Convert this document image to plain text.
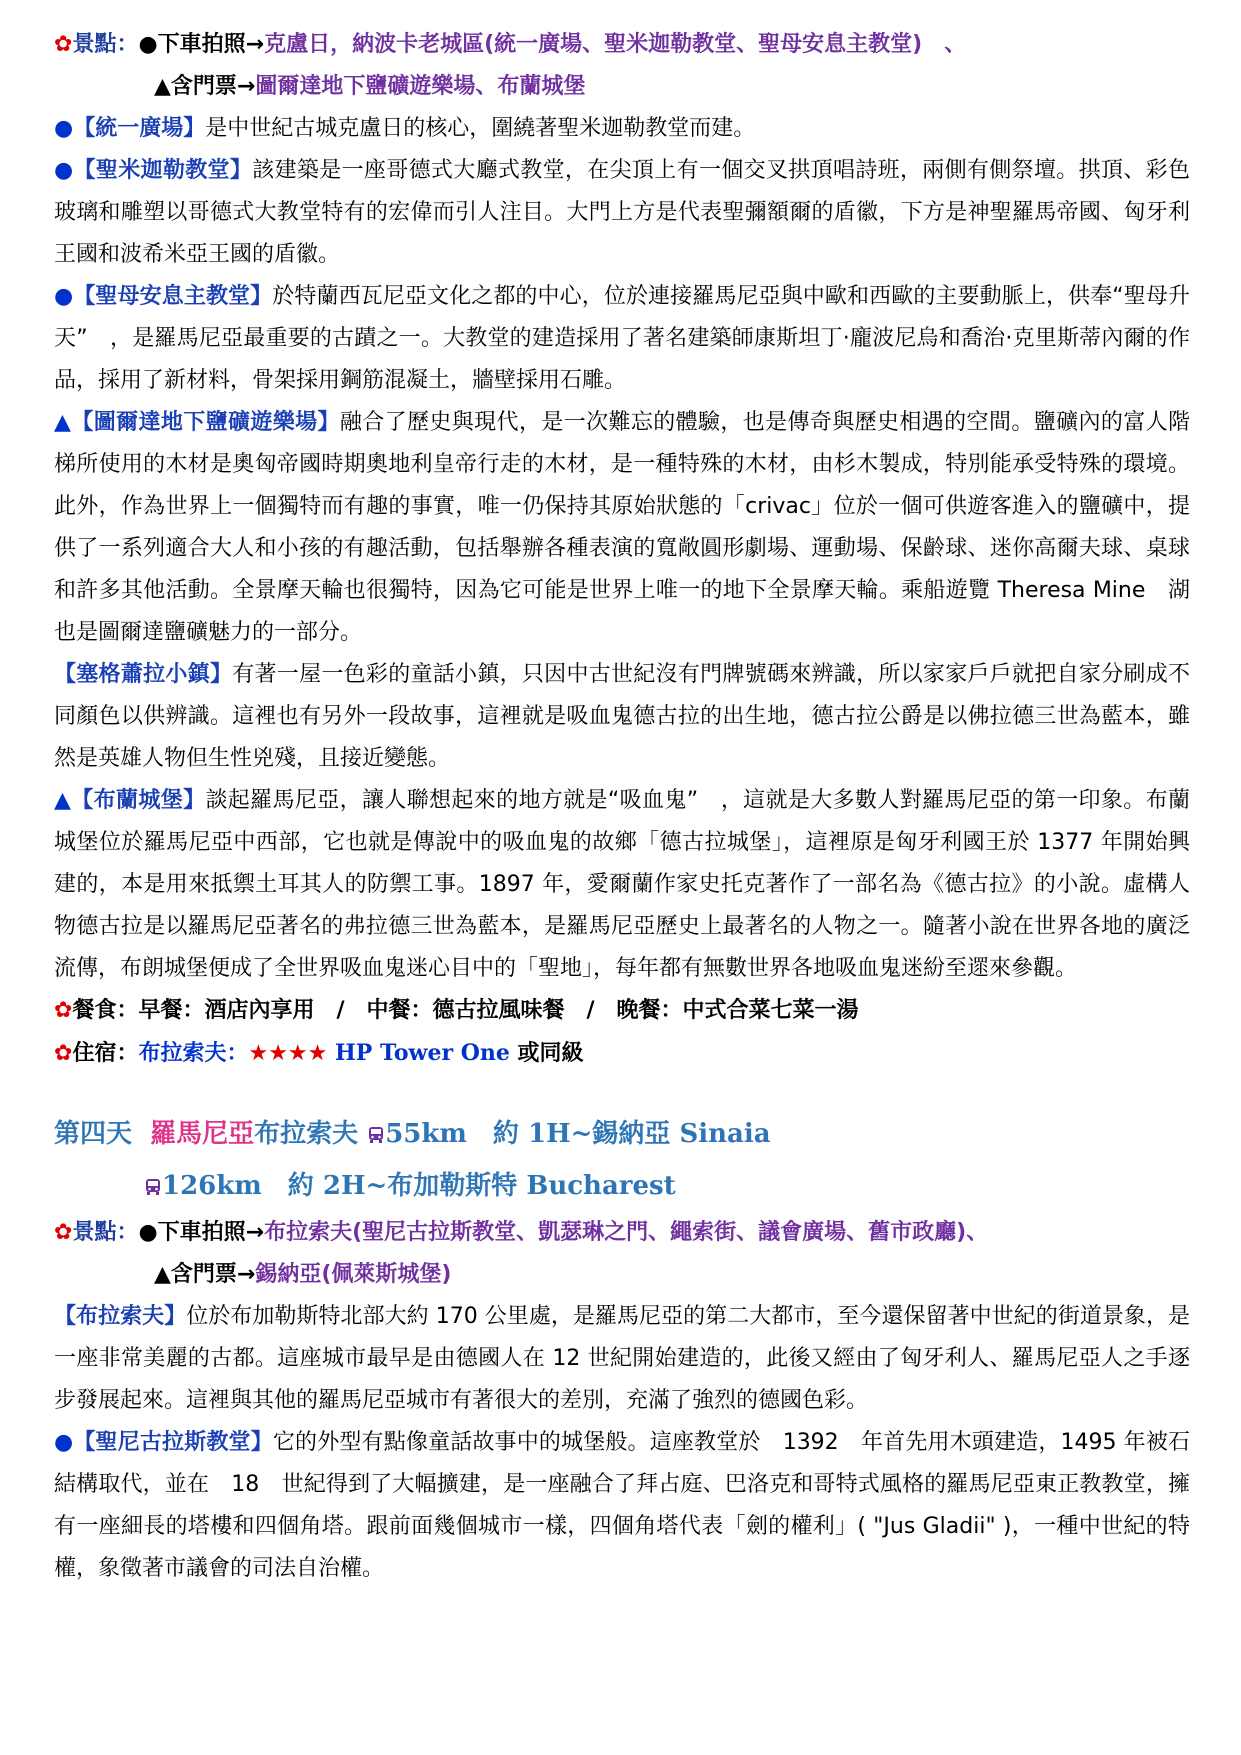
✿景點：●下車拍照→克盧日，納波卡老城區(統一廣場、聖米迦勒教堂、聖母安息主教堂)　、
▲含門票→圖爾達地下鹽礦遊樂場、布蘭城堡

●【統一廣場】是中世紀古城克盧日的核心，圍繞著聖米迦勒教堂而建。

●【聖米迦勒教堂】該建築是一座哥德式大廳式教堂，在尖頂上有一個交叉拱頂唱詩班，兩側有側祭壇。拱頂、彩色玻璃和雕塑以哥德式大教堂特有的宏偉而引人注目。大門上方是代表聖彌額爾的盾徽，下方是神聖羅馬帝國、匈牙利王國和波希米亞王國的盾徽。

●【聖母安息主教堂】於特蘭西瓦尼亞文化之都的中心，位於連接羅馬尼亞與中歐和西歐的主要動脈上，供奉“聖母升天”　，是羅馬尼亞最重要的古蹟之一。大教堂的建造採用了著名建築師康斯坦丁·龐波尼烏和喬治·克里斯蒂內爾的作品，採用了新材料，骨架採用鋼筋混凝土，牆壁採用石雕。

▲【圖爾達地下鹽礦遊樂場】融合了歷史與現代，是一次難忘的體驗，也是傳奇與歷史相遇的空間。鹽礦內的富人階梯所使用的木材是奧匈帝國時期奧地利皇帝行走的木材，是一種特殊的木材，由杉木製成，特別能承受特殊的環境。此外，作為世界上一個獨特而有趣的事實，唯一仍保持其原始狀態的「crivac」位於一個可供遊客進入的鹽礦中，提供了一系列適合大人和小孩的有趣活動，包括舉辦各種表演的寬敞圓形劇場、運動場、保齡球、迷你高爾夫球、桌球和許多其他活動。全景摩天輪也很獨特，因為它可能是世界上唯一的地下全景摩天輪。乘船遊覽 Theresa Mine　湖也是圖爾達鹽礦魅力的一部分。

【塞格蕭拉小鎮】有著一屋一色彩的童話小鎮，只因中古世紀沒有門牌號碼來辨識，所以家家戶戶就把自家分刷成不同顏色以供辨識。這裡也有另外一段故事，這裡就是吸血鬼德古拉的出生地，德古拉公爵是以佛拉德三世為藍本，雖然是英雄人物但生性兇殘，且接近變態。

▲【布蘭城堡】談起羅馬尼亞，讓人聯想起來的地方就是“吸血鬼”　，這就是大多數人對羅馬尼亞的第一印象。布蘭城堡位於羅馬尼亞中西部，它也就是傳說中的吸血鬼的故鄉「德古拉城堡」，這裡原是匈牙利國王於 1377 年開始興建的，本是用來抵禦土耳其人的防禦工事。1897 年，愛爾蘭作家史托克著作了一部名為《德古拉》的小說。虛構人物德古拉是以羅馬尼亞著名的弗拉德三世為藍本，是羅馬尼亞歷史上最著名的人物之一。隨著小說在世界各地的廣泛流傳，布朗城堡便成了全世界吸血鬼迷心目中的「聖地」，每年都有無數世界各地吸血鬼迷紛至遝來參觀。

✿餐食：早餐：酒店內享用　/　中餐：德古拉風味餐　/　晚餐：中式合菜七菜一湯
✿住宿：布拉索夫：★★★★ HP Tower One 或同級
第四天 羅馬尼亞布拉索夫 55km　約 1H~錫納亞 Sinaia
126km　約 2H~布加勒斯特 Bucharest
✿景點：●下車拍照→布拉索夫(聖尼古拉斯教堂、凱瑟琳之門、繩索街、議會廣場、舊市政廳)、
▲含門票→錫納亞(佩萊斯城堡)

【布拉索夫】位於布加勒斯特北部大約 170 公里處，是羅馬尼亞的第二大都市，至今還保留著中世紀的街道景象，是一座非常美麗的古都。這座城市最早是由德國人在 12 世紀開始建造的，此後又經由了匈牙利人、羅馬尼亞人之手逐步發展起來。這裡與其他的羅馬尼亞城市有著很大的差別，充滿了強烈的德國色彩。

●【聖尼古拉斯教堂】它的外型有點像童話故事中的城堡般。這座教堂於　1392　年首先用木頭建造，1495 年被石結構取代，並在　18　世紀得到了大幅擴建，是一座融合了拜占庭、巴洛克和哥特式風格的羅馬尼亞東正教教堂，擁有一座細長的塔樓和四個角塔。跟前面幾個城市一樣，四個角塔代表「劍的權利」( "Jus Gladii" )，一種中世紀的特權，象徵著市議會的司法自治權。
